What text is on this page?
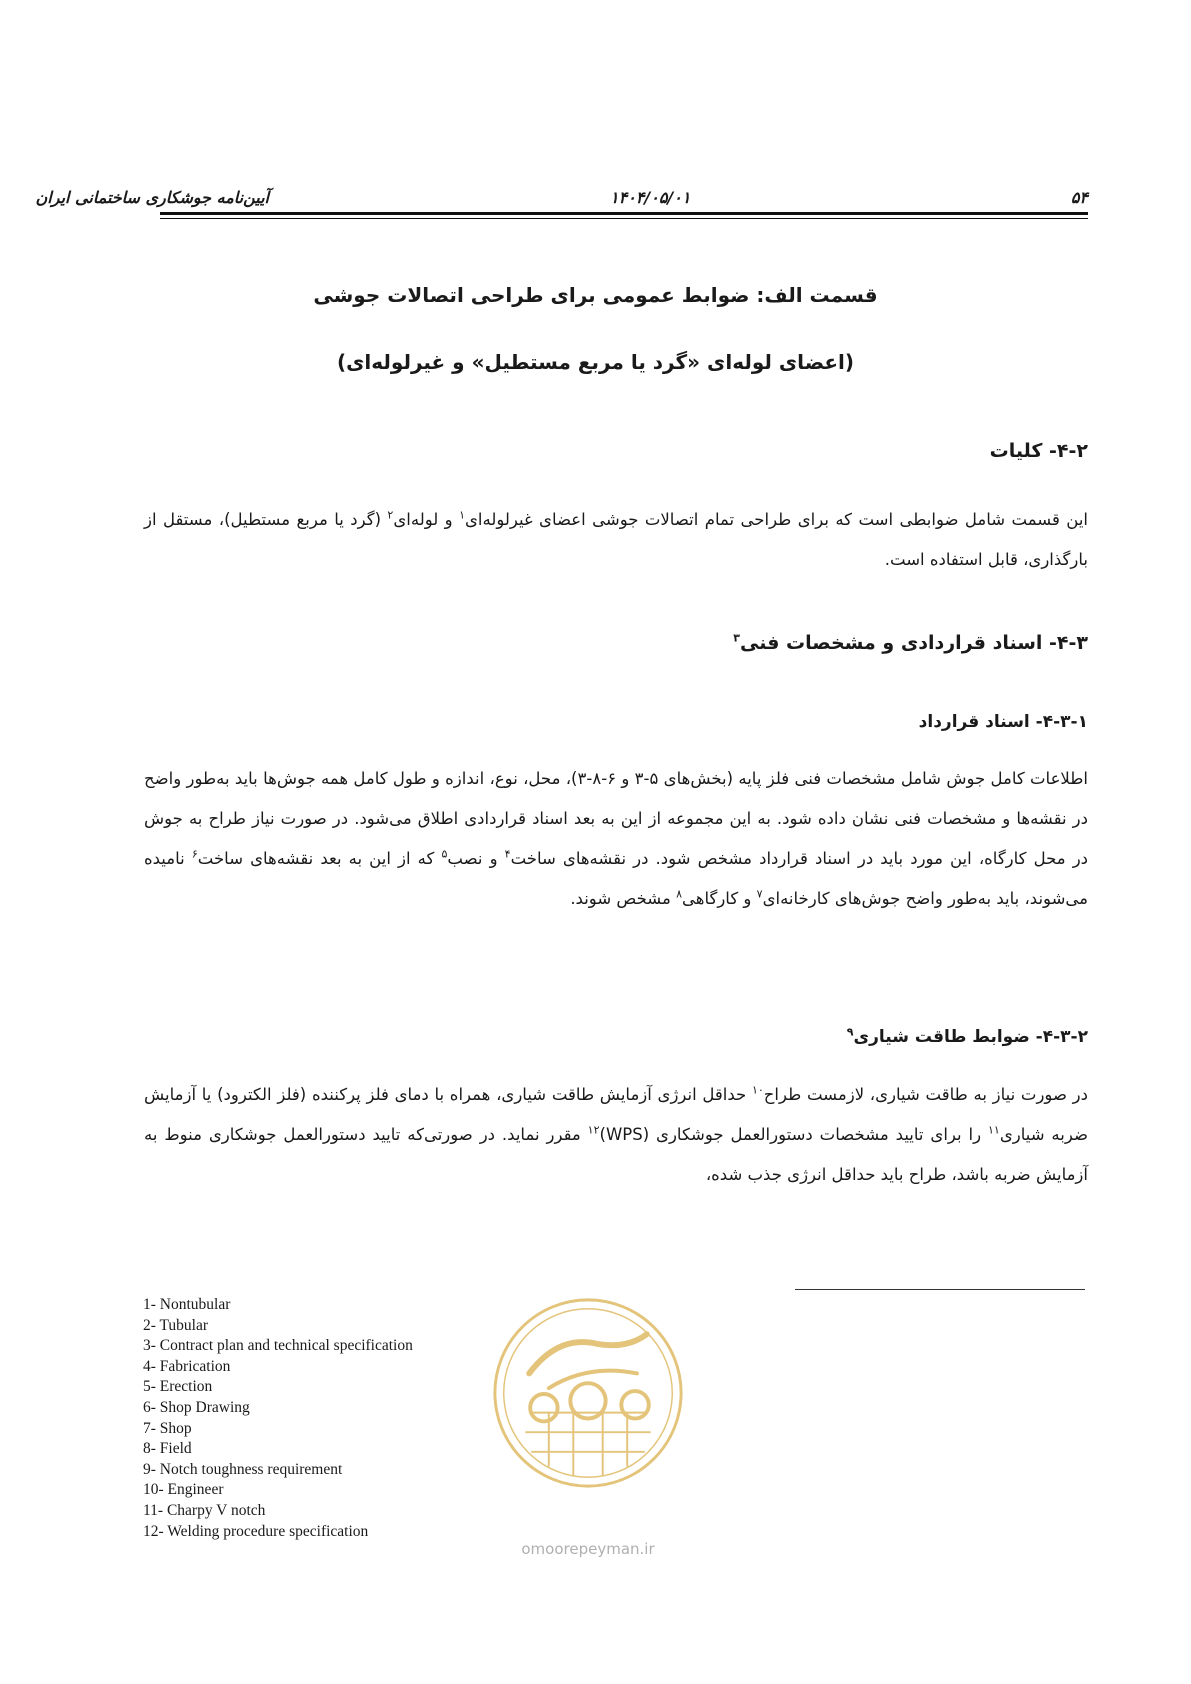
آیین‌نامه جوشکاری ساختمانی ایران	۱۴۰۴/۰۵/۰۱	۵۴
قسمت الف: ضوابط عمومی برای طراحی اتصالات جوشی
(اعضای لوله‌ای «گرد یا مربع مستطیل» و غیرلوله‌ای)
۴-۲- کلیات
این قسمت شامل ضوابطی است که برای طراحی تمام اتصالات جوشی اعضای غیرلوله‌ای$^۱$ و لوله‌ای$^۲$ (گرد یا مربع مستطیل)، مستقل از بارگذاری، قابل استفاده است.
۴-۳- اسناد قراردادی و مشخصات فنی$^۳$
۴-۳-۱- اسناد قرارداد
اطلاعات کامل جوش شامل مشخصات فنی فلز پایه (بخش‌های ۵-۳ و ۶-۸-۳)، محل، نوع، اندازه و طول کامل همه جوش‌ها باید به‌طور واضح در نقشه‌ها و مشخصات فنی نشان داده شود. به این مجموعه از این به بعد اسناد قراردادی اطلاق می‌شود. در صورت نیاز طراح به جوش در محل کارگاه، این مورد باید در اسناد قرارداد مشخص شود. در نقشه‌های ساخت$^۴$ و نصب$^۵$ که از این به بعد نقشه‌های ساخت$^۶$ نامیده می‌شوند، باید به‌طور واضح جوش‌های کارخانه‌ای$^۷$ و کارگاهی$^۸$ مشخص شوند.
۴-۳-۲- ضوابط طاقت شیاری$^۹$
در صورت نیاز به طاقت شیاری، لازمست طراح$^{۱۰}$ حداقل انرژی آزمایش طاقت شیاری، همراه با دمای فلز پرکننده (فلز الکترود) یا آزمایش ضربه شیاری$^{۱۱}$ را برای تایید مشخصات دستورالعمل جوشکاری (WPS)$^{۱۲}$ مقرر نماید. در صورتی‌که تایید دستورالعمل جوشکاری منوط به آزمایش ضربه باشد، طراح باید حداقل انرژی جذب شده،
omoorepeyman.ir
1- Nontubular
2- Tubular
3- Contract plan and technical specification
4- Fabrication
5- Erection
6- Shop Drawing
7- Shop
8- Field
9- Notch toughness requirement
10- Engineer
11- Charpy V notch
12- Welding procedure specification
